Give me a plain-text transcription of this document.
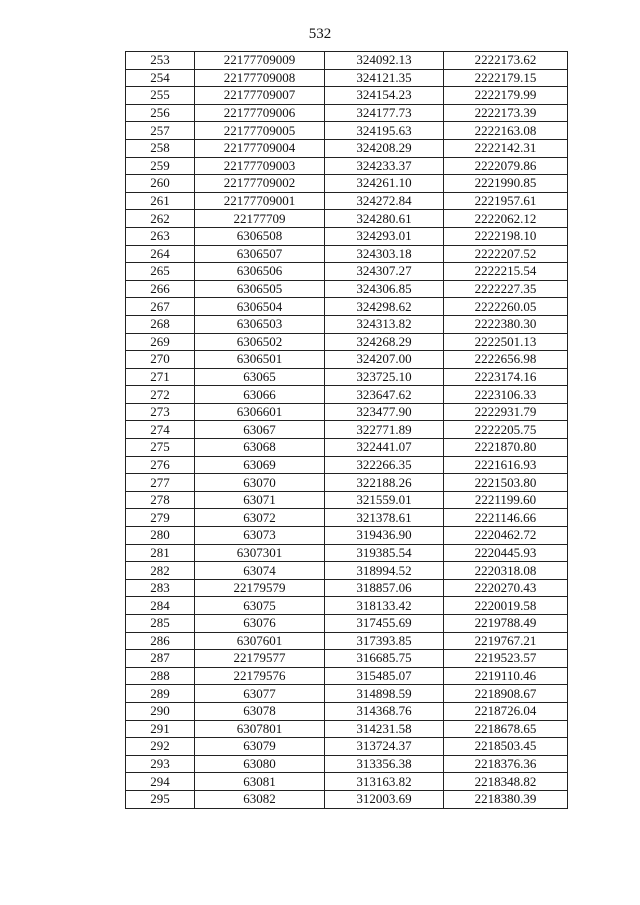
532
253	22177709009	324092.13	2222173.62
254	22177709008	324121.35	2222179.15
255	22177709007	324154.23	2222179.99
256	22177709006	324177.73	2222173.39
257	22177709005	324195.63	2222163.08
258	22177709004	324208.29	2222142.31
259	22177709003	324233.37	2222079.86
260	22177709002	324261.10	2221990.85
261	22177709001	324272.84	2221957.61
262	22177709	324280.61	2222062.12
263	6306508	324293.01	2222198.10
264	6306507	324303.18	2222207.52
265	6306506	324307.27	2222215.54
266	6306505	324306.85	2222227.35
267	6306504	324298.62	2222260.05
268	6306503	324313.82	2222380.30
269	6306502	324268.29	2222501.13
270	6306501	324207.00	2222656.98
271	63065	323725.10	2223174.16
272	63066	323647.62	2223106.33
273	6306601	323477.90	2222931.79
274	63067	322771.89	2222205.75
275	63068	322441.07	2221870.80
276	63069	322266.35	2221616.93
277	63070	322188.26	2221503.80
278	63071	321559.01	2221199.60
279	63072	321378.61	2221146.66
280	63073	319436.90	2220462.72
281	6307301	319385.54	2220445.93
282	63074	318994.52	2220318.08
283	22179579	318857.06	2220270.43
284	63075	318133.42	2220019.58
285	63076	317455.69	2219788.49
286	6307601	317393.85	2219767.21
287	22179577	316685.75	2219523.57
288	22179576	315485.07	2219110.46
289	63077	314898.59	2218908.67
290	63078	314368.76	2218726.04
291	6307801	314231.58	2218678.65
292	63079	313724.37	2218503.45
293	63080	313356.38	2218376.36
294	63081	313163.82	2218348.82
295	63082	312003.69	2218380.39
